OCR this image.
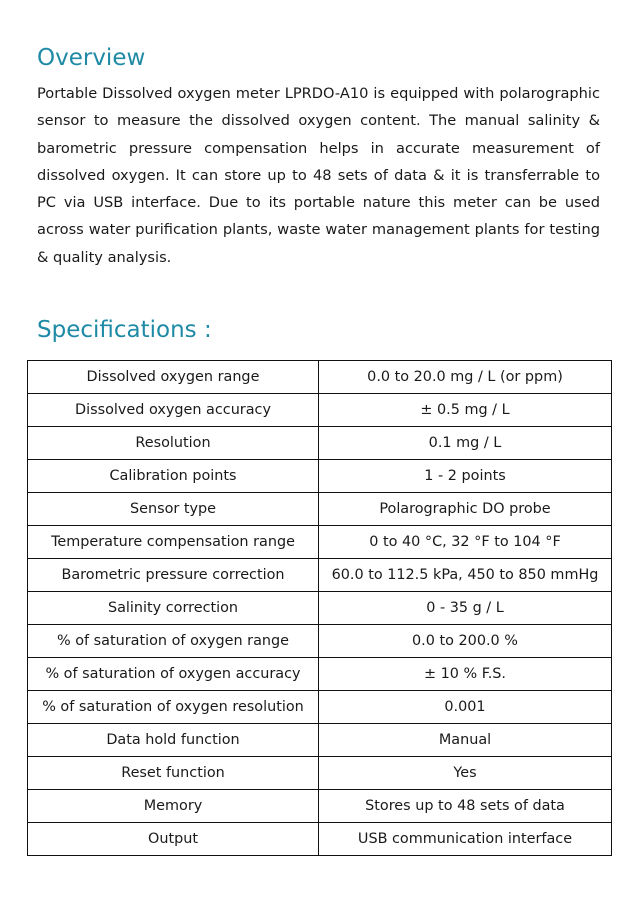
Overview

Portable Dissolved oxygen meter LPRDO-A10 is equipped with polarographic sensor to measure the dissolved oxygen content. The manual salinity & barometric pressure compensation helps in accurate measurement of dissolved oxygen. It can store up to 48 sets of data & it is transferrable to PC via USB interface. Due to its portable nature this meter can be used across water purification plants, waste water management plants for testing & quality analysis.

Specifications :
Dissolved oxygen range	0.0 to 20.0 mg / L (or ppm)
Dissolved oxygen accuracy	± 0.5 mg / L
Resolution	0.1 mg / L
Calibration points	1 - 2 points
Sensor type	Polarographic DO probe
Temperature compensation range	0 to 40 °C, 32 °F to 104 °F
Barometric pressure correction	60.0 to 112.5 kPa, 450 to 850 mmHg
Salinity correction	0 - 35 g / L
% of saturation of oxygen range	0.0 to 200.0 %
% of saturation of oxygen accuracy	± 10 % F.S.
% of saturation of oxygen resolution	0.001
Data hold function	Manual
Reset function	Yes
Memory	Stores up to 48 sets of data
Output	USB communication interface
